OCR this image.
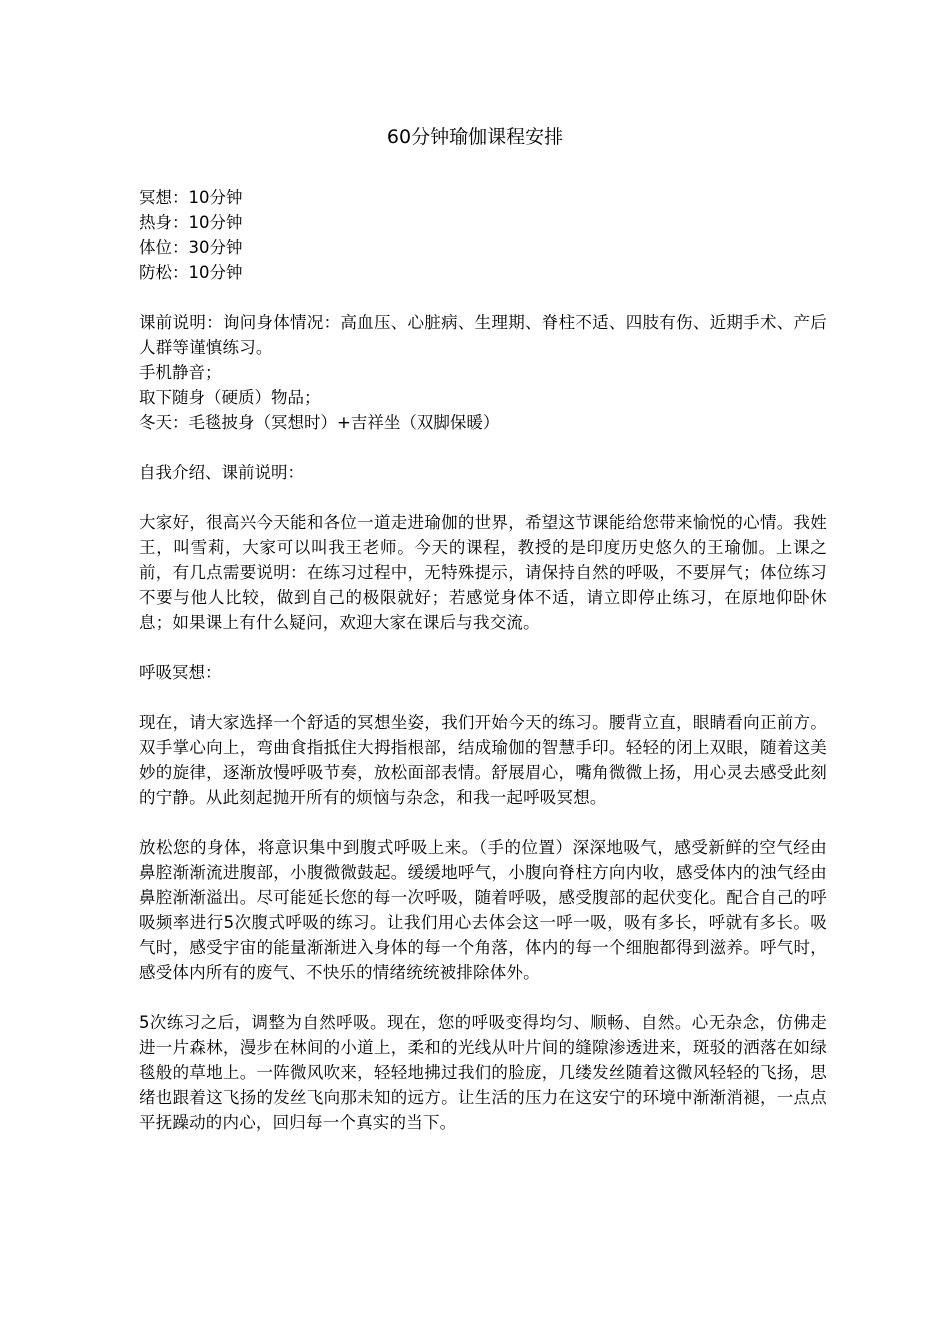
60分钟瑜伽课程安排
冥想：10分钟
热身：10分钟
体位：30分钟
防松：10分钟
课前说明：询问身体情况：高血压、心脏病、生理期、脊柱不适、四肢有伤、近期手术、产后人群等谨慎练习。
手机静音；
取下随身（硬质）物品；
冬天：毛毯披身（冥想时）+吉祥坐（双脚保暖）
自我介绍、课前说明：
大家好，很高兴今天能和各位一道走进瑜伽的世界，希望这节课能给您带来愉悦的心情。我姓王，叫雪莉，大家可以叫我王老师。今天的课程，教授的是印度历史悠久的王瑜伽。上课之前，有几点需要说明：在练习过程中，无特殊提示，请保持自然的呼吸，不要屏气；体位练习不要与他人比较，做到自己的极限就好；若感觉身体不适，请立即停止练习，在原地仰卧休息；如果课上有什么疑问，欢迎大家在课后与我交流。
呼吸冥想：
现在，请大家选择一个舒适的冥想坐姿，我们开始今天的练习。腰背立直，眼睛看向正前方。双手掌心向上，弯曲食指抵住大拇指根部，结成瑜伽的智慧手印。轻轻的闭上双眼，随着这美妙的旋律，逐渐放慢呼吸节奏，放松面部表情。舒展眉心，嘴角微微上扬，用心灵去感受此刻的宁静。从此刻起抛开所有的烦恼与杂念，和我一起呼吸冥想。
放松您的身体，将意识集中到腹式呼吸上来。（手的位置）深深地吸气，感受新鲜的空气经由鼻腔渐渐流进腹部，小腹微微鼓起。缓缓地呼气，小腹向脊柱方向内收，感受体内的浊气经由鼻腔渐渐溢出。尽可能延长您的每一次呼吸，随着呼吸，感受腹部的起伏变化。配合自己的呼吸频率进行5次腹式呼吸的练习。让我们用心去体会这一呼一吸，吸有多长，呼就有多长。吸气时，感受宇宙的能量渐渐进入身体的每一个角落，体内的每一个细胞都得到滋养。呼气时，感受体内所有的废气、不快乐的情绪统统被排除体外。
5次练习之后，调整为自然呼吸。现在，您的呼吸变得均匀、顺畅、自然。心无杂念，仿佛走进一片森林，漫步在林间的小道上，柔和的光线从叶片间的缝隙渗透进来，斑驳的洒落在如绿毯般的草地上。一阵微风吹来，轻轻地拂过我们的脸庞，几缕发丝随着这微风轻轻的飞扬，思绪也跟着这飞扬的发丝飞向那未知的远方。让生活的压力在这安宁的环境中渐渐消褪，一点点平抚躁动的内心，回归每一个真实的当下。
